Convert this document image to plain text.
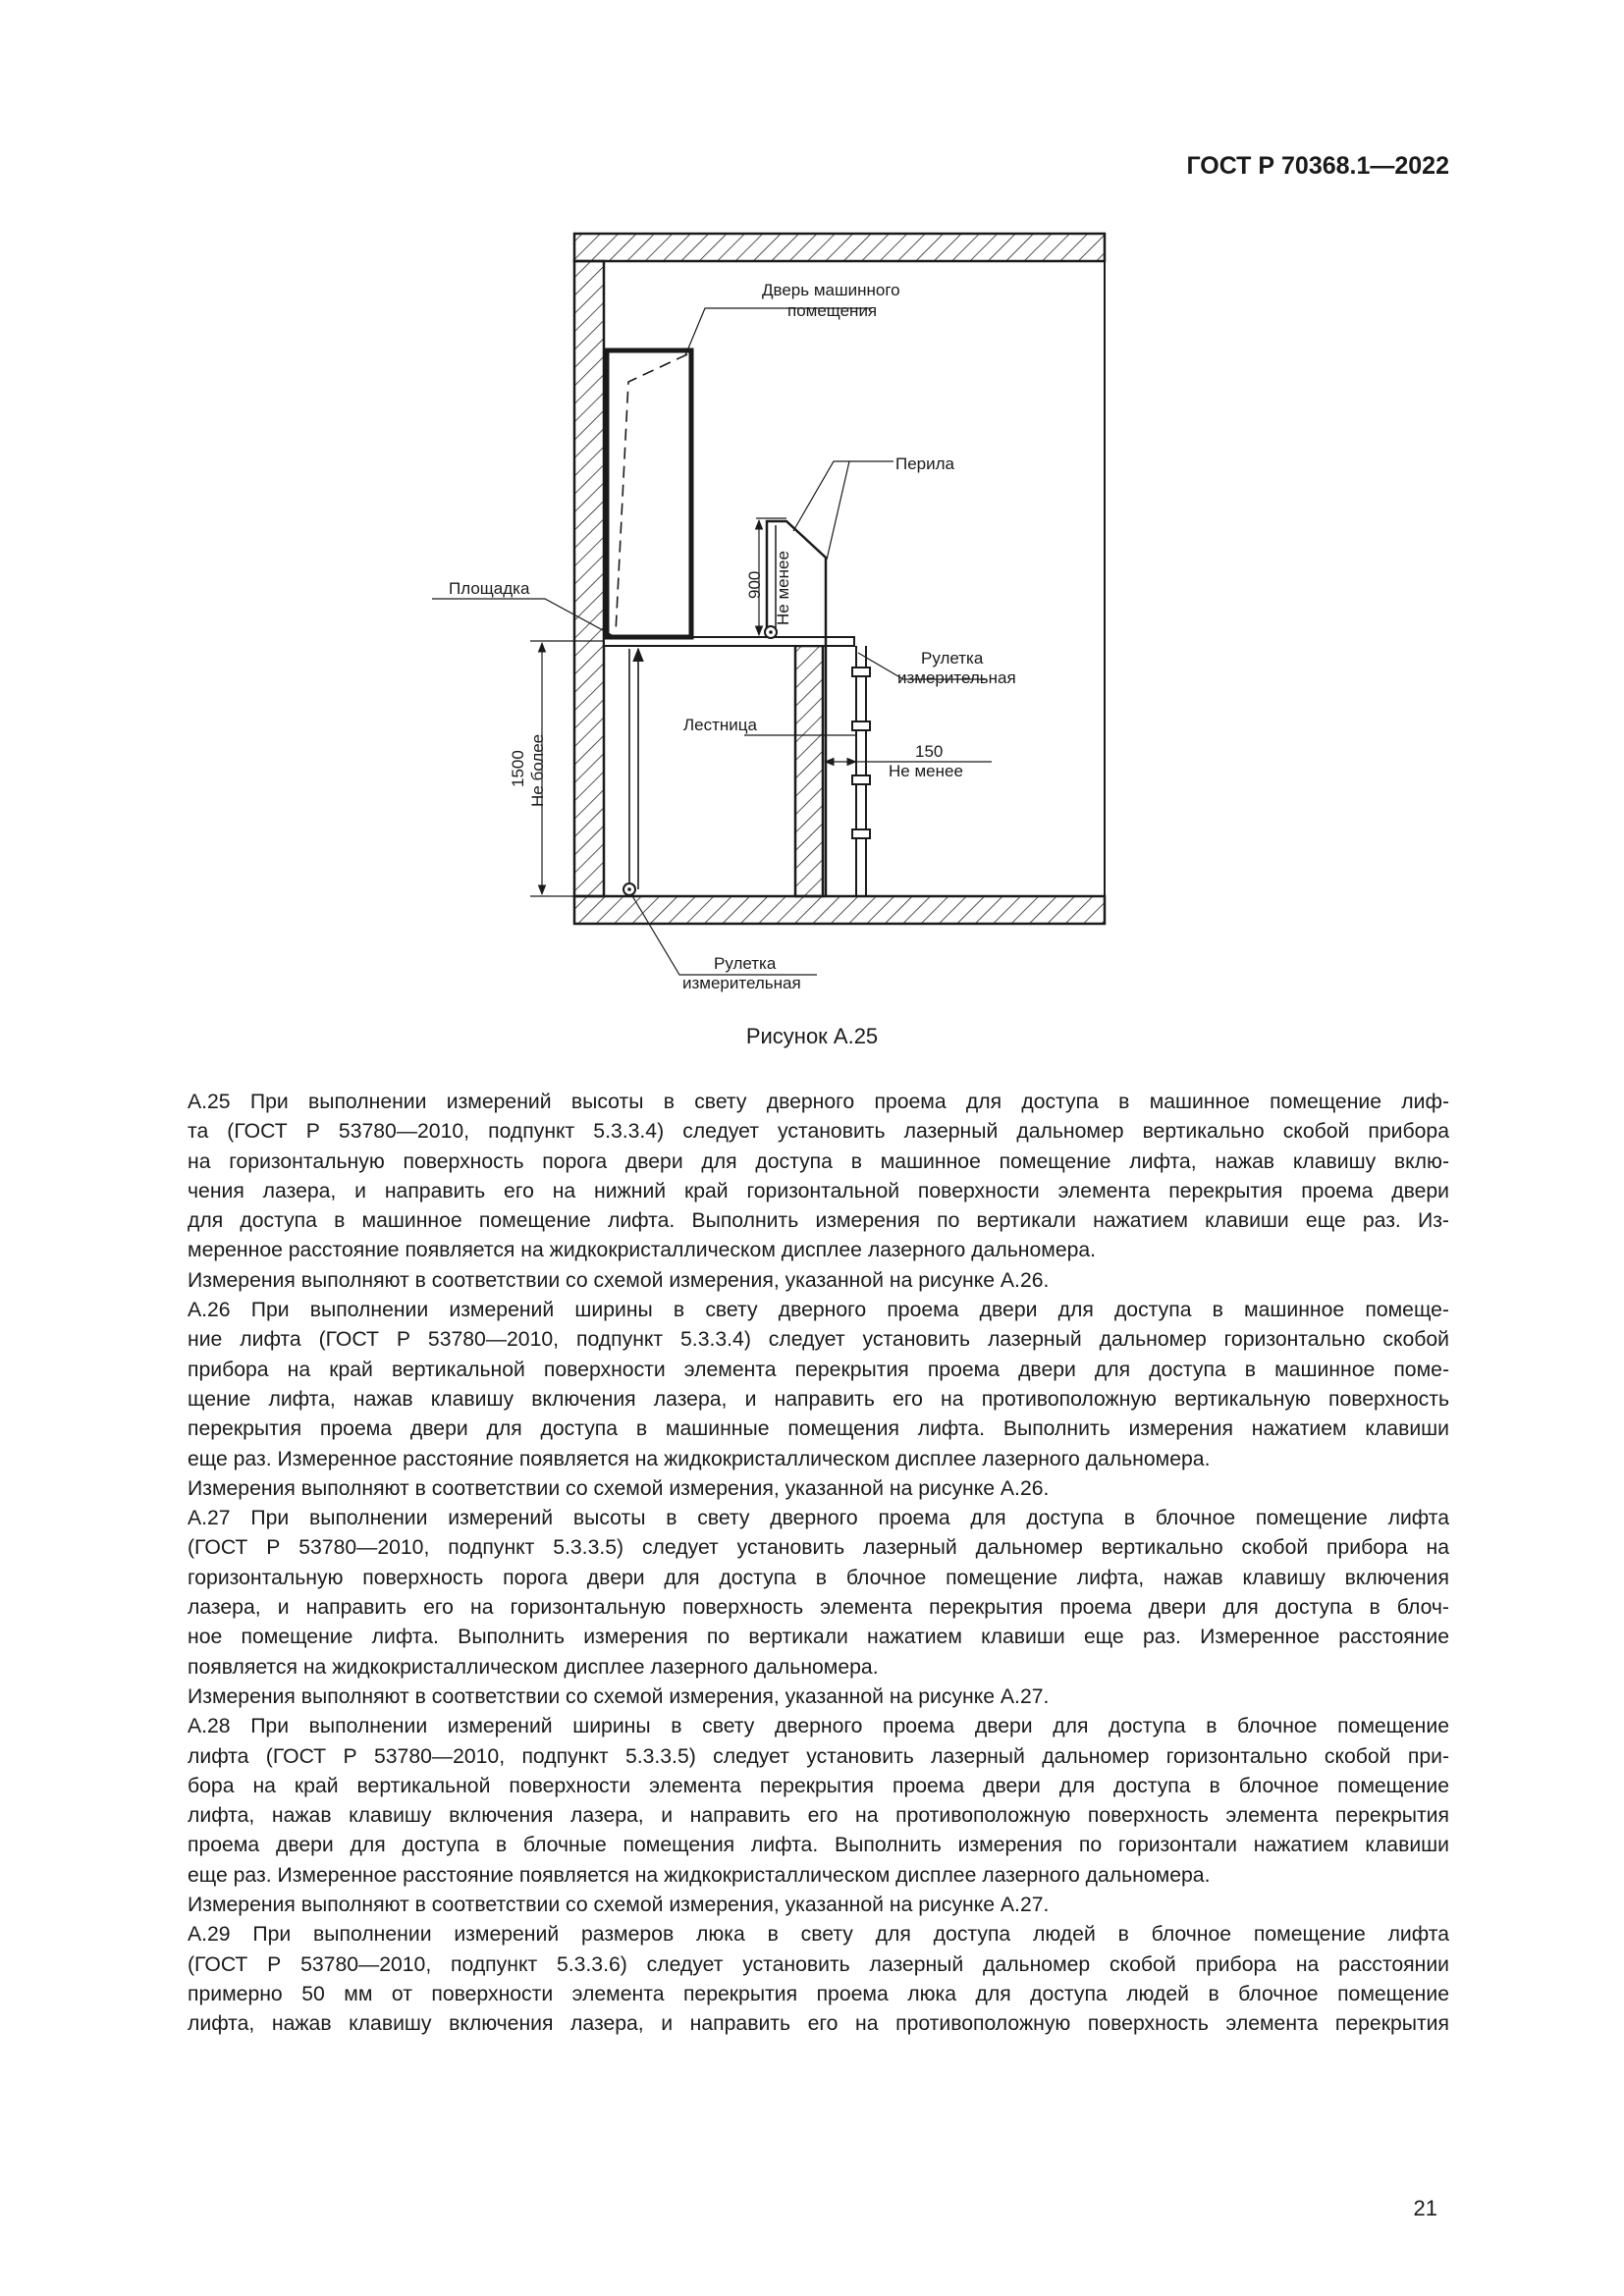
ГОСТ Р 70368.1—2022
Дверь машинного
помещения
Перила
Площадка	900 Не менее
Рулетка
измерительная
Лестница
150
Не менее
1500 Не более
Рулетка
измерительная
Рисунок А.25

А.25 При выполнении измерений высоты в свету дверного проема для доступа в машинное помещение лиф-
та (ГОСТ Р 53780—2010, подпункт 5.3.3.4) следует установить лазерный дальномер вертикально скобой прибора
на горизонтальную поверхность порога двери для доступа в машинное помещение лифта, нажав клавишу вклю-
чения лазера, и направить его на нижний край горизонтальной поверхности элемента перекрытия проема двери
для доступа в машинное помещение лифта. Выполнить измерения по вертикали нажатием клавиши еще раз. Из-
меренное расстояние появляется на жидкокристаллическом дисплее лазерного дальномера.

Измерения выполняют в соответствии со схемой измерения, указанной на рисунке А.26.

А.26 При выполнении измерений ширины в свету дверного проема двери для доступа в машинное помеще-
ние лифта (ГОСТ Р 53780—2010, подпункт 5.3.3.4) следует установить лазерный дальномер горизонтально скобой
прибора на край вертикальной поверхности элемента перекрытия проема двери для доступа в машинное поме-
щение лифта, нажав клавишу включения лазера, и направить его на противоположную вертикальную поверхность
перекрытия проема двери для доступа в машинные помещения лифта. Выполнить измерения нажатием клавиши
еще раз. Измеренное расстояние появляется на жидкокристаллическом дисплее лазерного дальномера.

Измерения выполняют в соответствии со схемой измерения, указанной на рисунке А.26.

А.27 При выполнении измерений высоты в свету дверного проема для доступа в блочное помещение лифта
(ГОСТ Р 53780—2010, подпункт 5.3.3.5) следует установить лазерный дальномер вертикально скобой прибора на
горизонтальную поверхность порога двери для доступа в блочное помещение лифта, нажав клавишу включения
лазера, и направить его на горизонтальную поверхность элемента перекрытия проема двери для доступа в блоч-
ное помещение лифта. Выполнить измерения по вертикали нажатием клавиши еще раз. Измеренное расстояние
появляется на жидкокристаллическом дисплее лазерного дальномера.

Измерения выполняют в соответствии со схемой измерения, указанной на рисунке А.27.

А.28 При выполнении измерений ширины в свету дверного проема двери для доступа в блочное помещение
лифта (ГОСТ Р 53780—2010, подпункт 5.3.3.5) следует установить лазерный дальномер горизонтально скобой при-
бора на край вертикальной поверхности элемента перекрытия проема двери для доступа в блочное помещение
лифта, нажав клавишу включения лазера, и направить его на противоположную поверхность элемента перекрытия
проема двери для доступа в блочные помещения лифта. Выполнить измерения по горизонтали нажатием клавиши
еще раз. Измеренное расстояние появляется на жидкокристаллическом дисплее лазерного дальномера.

Измерения выполняют в соответствии со схемой измерения, указанной на рисунке А.27.

А.29 При выполнении измерений размеров люка в свету для доступа людей в блочное помещение лифта
(ГОСТ Р 53780—2010, подпункт 5.3.3.6) следует установить лазерный дальномер скобой прибора на расстоянии
примерно 50 мм от поверхности элемента перекрытия проема люка для доступа людей в блочное помещение
лифта, нажав клавишу включения лазера, и направить его на противоположную поверхность элемента перекрытия

21
